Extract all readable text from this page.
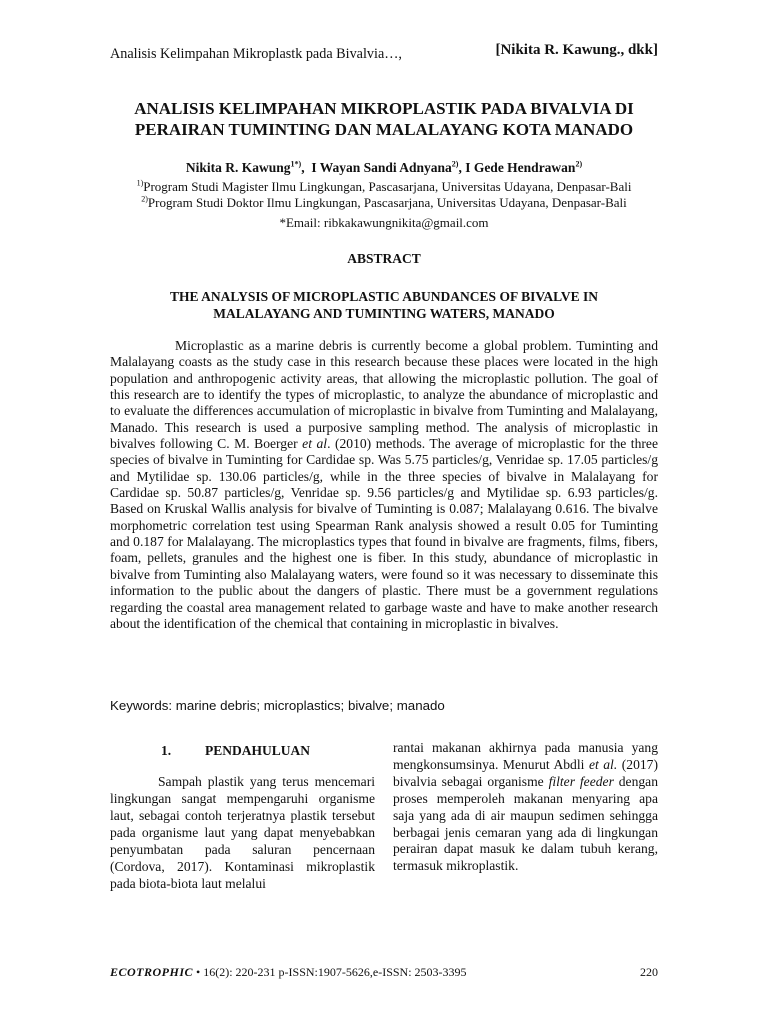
Analisis Kelimpahan Mikroplastk pada Bivalvia…,	[Nikita R. Kawung., dkk]
ANALISIS KELIMPAHAN MIKROPLASTIK PADA BIVALVIA DI
PERAIRAN TUMINTING DAN MALALAYANG KOTA MANADO
Nikita R. Kawung$^{1*)}$,  I Wayan Sandi Adnyana$^{2)}$, I Gede Hendrawan$^{2)}$
$^{1)}$Program Studi Magister Ilmu Lingkungan, Pascasarjana, Universitas Udayana, Denpasar-Bali
$^{2)}$Program Studi Doktor Ilmu Lingkungan, Pascasarjana, Universitas Udayana, Denpasar-Bali
*Email: ribkakawungnikita@gmail.com
ABSTRACT
THE ANALYSIS OF MICROPLASTIC ABUNDANCES OF BIVALVE IN
MALALAYANG AND TUMINTING WATERS, MANADO

Microplastic as a marine debris is currently become a global problem. Tuminting and Malalayang coasts as the study case in this research because these places were located in the high population and anthropogenic activity areas, that allowing the microplastic pollution. The goal of this research are to identify the types of microplastic, to analyze the abundance of microplastic and to evaluate the differences accumulation of microplastic in bivalve from Tuminting and Malalayang, Manado. This research is used a purposive sampling method. The analysis of microplastic in bivalves following C. M. Boerger et al. (2010) methods. The average of microplastic for the three species of bivalve in Tuminting for Cardidae sp. Was 5.75 particles/g, Venridae sp. 17.05 particles/g and Mytilidae sp. 130.06 particles/g, while in the three species of bivalve in Malalayang for Cardidae sp. 50.87 particles/g, Venridae sp. 9.56 particles/g and Mytilidae sp. 6.93 particles/g. Based on Kruskal Wallis analysis for bivalve of Tuminting is 0.087; Malalayang 0.616. The bivalve morphometric correlation test using Spearman Rank analysis showed a result 0.05 for Tuminting and 0.187 for Malalayang. The microplastics types that found in bivalve are fragments, films, fibers, foam, pellets, granules and the highest one is fiber. In this study, abundance of microplastic in bivalve from Tuminting also Malalayang waters, were found so it was necessary to disseminate this information to the public about the dangers of plastic. There must be a government regulations regarding the coastal area management related to garbage waste and have to make another research about the identification of the chemical that containing in microplastic in bivalves.

Keywords: marine debris; microplastics; bivalve; manado
1.	PENDAHULUAN

Sampah plastik yang terus mencemari lingkungan sangat mempengaruhi organisme laut, sebagai contoh terjeratnya plastik tersebut pada organisme laut yang dapat menyebabkan penyumbatan pada saluran pencernaan (Cordova, 2017). Kontaminasi mikroplastik pada biota-biota laut melalui

rantai makanan akhirnya pada manusia yang mengkonsumsinya. Menurut Abdli et al. (2017) bivalvia sebagai organisme filter feeder dengan proses memperoleh makanan menyaring apa saja yang ada di air maupun sedimen sehingga berbagai jenis cemaran yang ada di lingkungan perairan dapat masuk ke dalam tubuh kerang, termasuk mikroplastik.

ECOTROPHIC • 16(2): 220-231 p-ISSN:1907-5626,e-ISSN: 2503-3395	220
